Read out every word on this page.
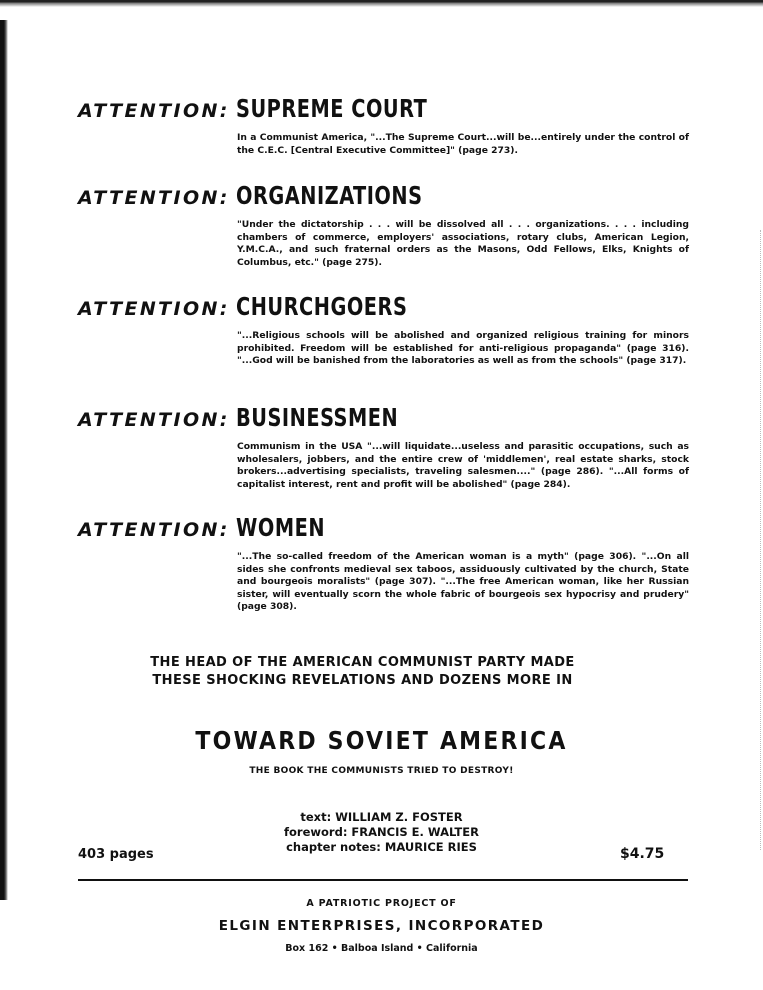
ATTENTION: SUPREME COURT
In a Communist America, "...The Supreme Court...will be...entirely under the control of the C.E.C. [Central Executive Committee]" (page 273).
ATTENTION: ORGANIZATIONS
"Under the dictatorship . . . will be dissolved all . . . organizations. . . . including chambers of commerce, employers' associations, rotary clubs, American Legion, Y.M.C.A., and such fraternal orders as the Masons, Odd Fellows, Elks, Knights of Columbus, etc." (page 275).
ATTENTION: CHURCHGOERS
"...Religious schools will be abolished and organized religious training for minors prohibited. Freedom will be established for anti-religious propaganda" (page 316). "...God will be banished from the laboratories as well as from the schools" (page 317).
ATTENTION: BUSINESSMEN
Communism in the USA "...will liquidate...useless and parasitic occupations, such as wholesalers, jobbers, and the entire crew of 'middlemen', real estate sharks, stock brokers...advertising specialists, traveling salesmen...." (page 286). "...All forms of capitalist interest, rent and profit will be abolished" (page 284).
ATTENTION: WOMEN
"...The so-called freedom of the American woman is a myth" (page 306). "...On all sides she confronts medieval sex taboos, assiduously cultivated by the church, State and bourgeois moralists" (page 307). "...The free American woman, like her Russian sister, will eventually scorn the whole fabric of bourgeois sex hypocrisy and prudery" (page 308).
THE HEAD OF THE AMERICAN COMMUNIST PARTY MADE
THESE SHOCKING REVELATIONS AND DOZENS MORE IN
TOWARD SOVIET AMERICA
THE BOOK THE COMMUNISTS TRIED TO DESTROY!
text: WILLIAM Z. FOSTER
foreword: FRANCIS E. WALTER
chapter notes: MAURICE RIES
403 pages	$4.75
A PATRIOTIC PROJECT OF
ELGIN ENTERPRISES, INCORPORATED
Box 162 • Balboa Island • California
